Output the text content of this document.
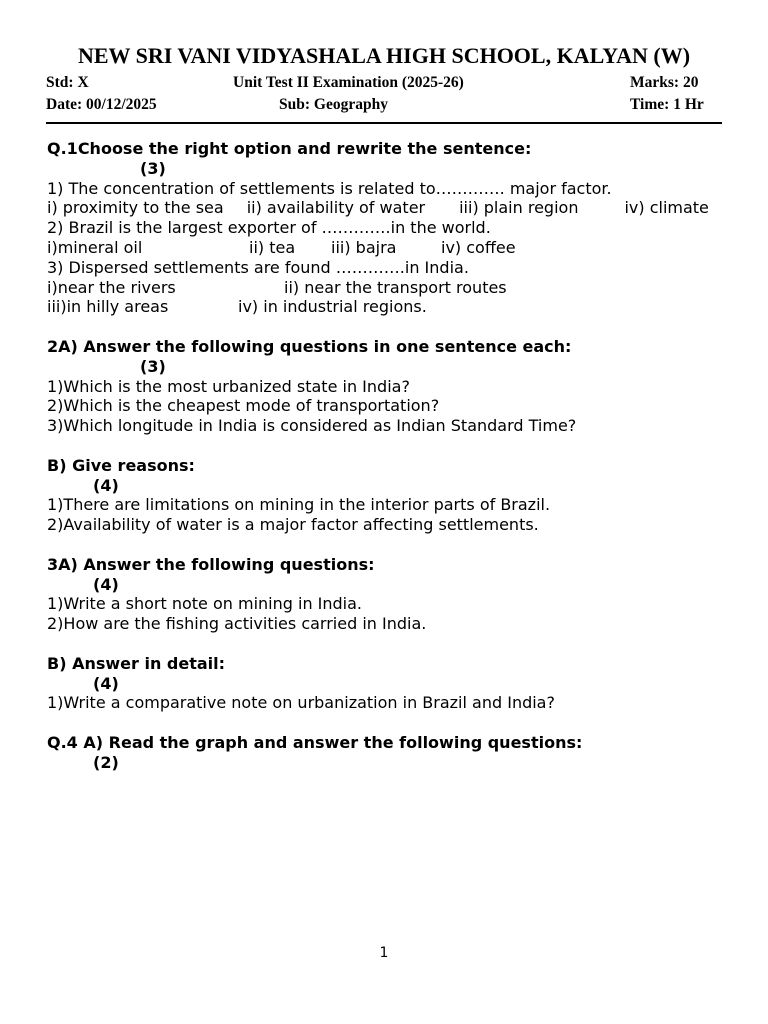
NEW SRI VANI VIDYASHALA HIGH SCHOOL, KALYAN (W)
Std: X	Unit Test II Examination (2025-26)	Marks: 20
Date: 00/12/2025	Sub: Geography	Time: 1 Hr
Q.1Choose the right option and rewrite the sentence:
(3)
1) The concentration of settlements is related to…………. major factor.
i) proximity to the sea ii) availability of water iii) plain region	iv) climate
2) Brazil is the largest exporter of ………….in the world.
i)mineral oil	ii) tea iii) bajra	iv) coffee
3) Dispersed settlements are found ………….in India.
i)near the rivers	ii) near the transport routes
iii)in hilly areas	iv) in industrial regions.
2A) Answer the following questions in one sentence each:
(3)
1)Which is the most urbanized state in India?
2)Which is the cheapest mode of transportation?
3)Which longitude in India is considered as Indian Standard Time?
B) Give reasons:
(4)
1)There are limitations on mining in the interior parts of Brazil.
2)Availability of water is a major factor affecting settlements.
3A) Answer the following questions:
(4)
1)Write a short note on mining in India.
2)How are the fishing activities carried in India.
B) Answer in detail:
(4)
1)Write a comparative note on urbanization in Brazil and India?
Q.4 A) Read the graph and answer the following questions:
(2)
1
